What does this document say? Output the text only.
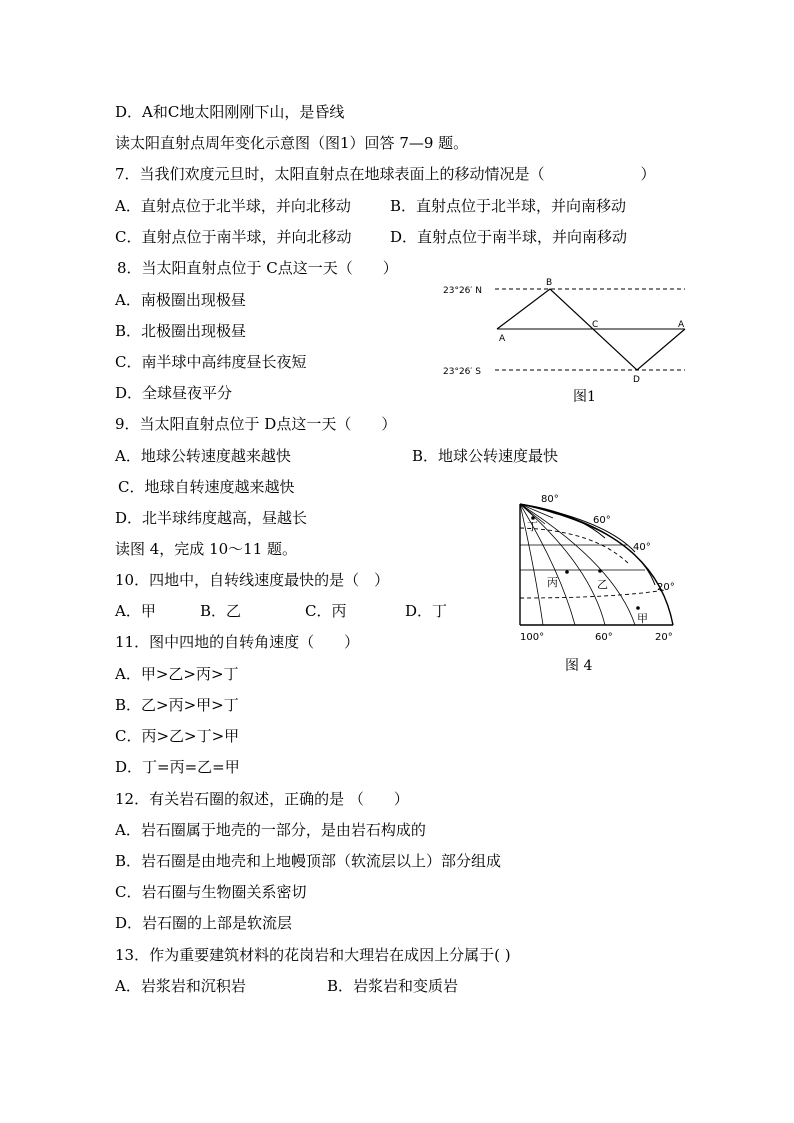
D．A和C地太阳刚刚下山，是昏线
读太阳直射点周年变化示意图（图1）回答 7—9 题。
7．当我们欢度元旦时，太阳直射点在地球表面上的移动情况是（	）
A．直射点位于北半球，并向北移动	B．直射点位于北半球，并向南移动
C．直射点位于南半球，并向北移动	D．直射点位于南半球，并向南移动
8．当太阳直射点位于 C点这一天（　　）
A．南极圈出现极昼
B．北极圈出现极昼
C．南半球中高纬度昼长夜短
D．全球昼夜平分
9．当太阳直射点位于 D点这一天（　　）
A．地球公转速度越来越快	B．地球公转速度最快
C．地球自转速度越来越快
D．北半球纬度越高，昼越长
读图 4，完成 10～11 题。
10．四地中，自转线速度最快的是（　）
A．甲	B．乙	C．丙	D．丁
11．图中四地的自转角速度（　　）
A．甲>乙>丙>丁
B．乙>丙>甲>丁
C．丙>乙>丁>甲
D．丁=丙=乙=甲
12．有关岩石圈的叙述，正确的是 （　　）
A．岩石圈属于地壳的一部分，是由岩石构成的
B．岩石圈是由地壳和上地幔顶部（软流层以上）部分组成
C．岩石圈与生物圈关系密切
D．岩石圈的上部是软流层
13．作为重要建筑材料的花岗岩和大理岩在成因上分属于( )
A．岩浆岩和沉积岩	B．岩浆岩和变质岩
23°26′ N
23°26′ S
A
B
C
D
A
图1
80°
60°
40°
20°
100°	60°	20°
丁
丙	乙
甲
图 4
